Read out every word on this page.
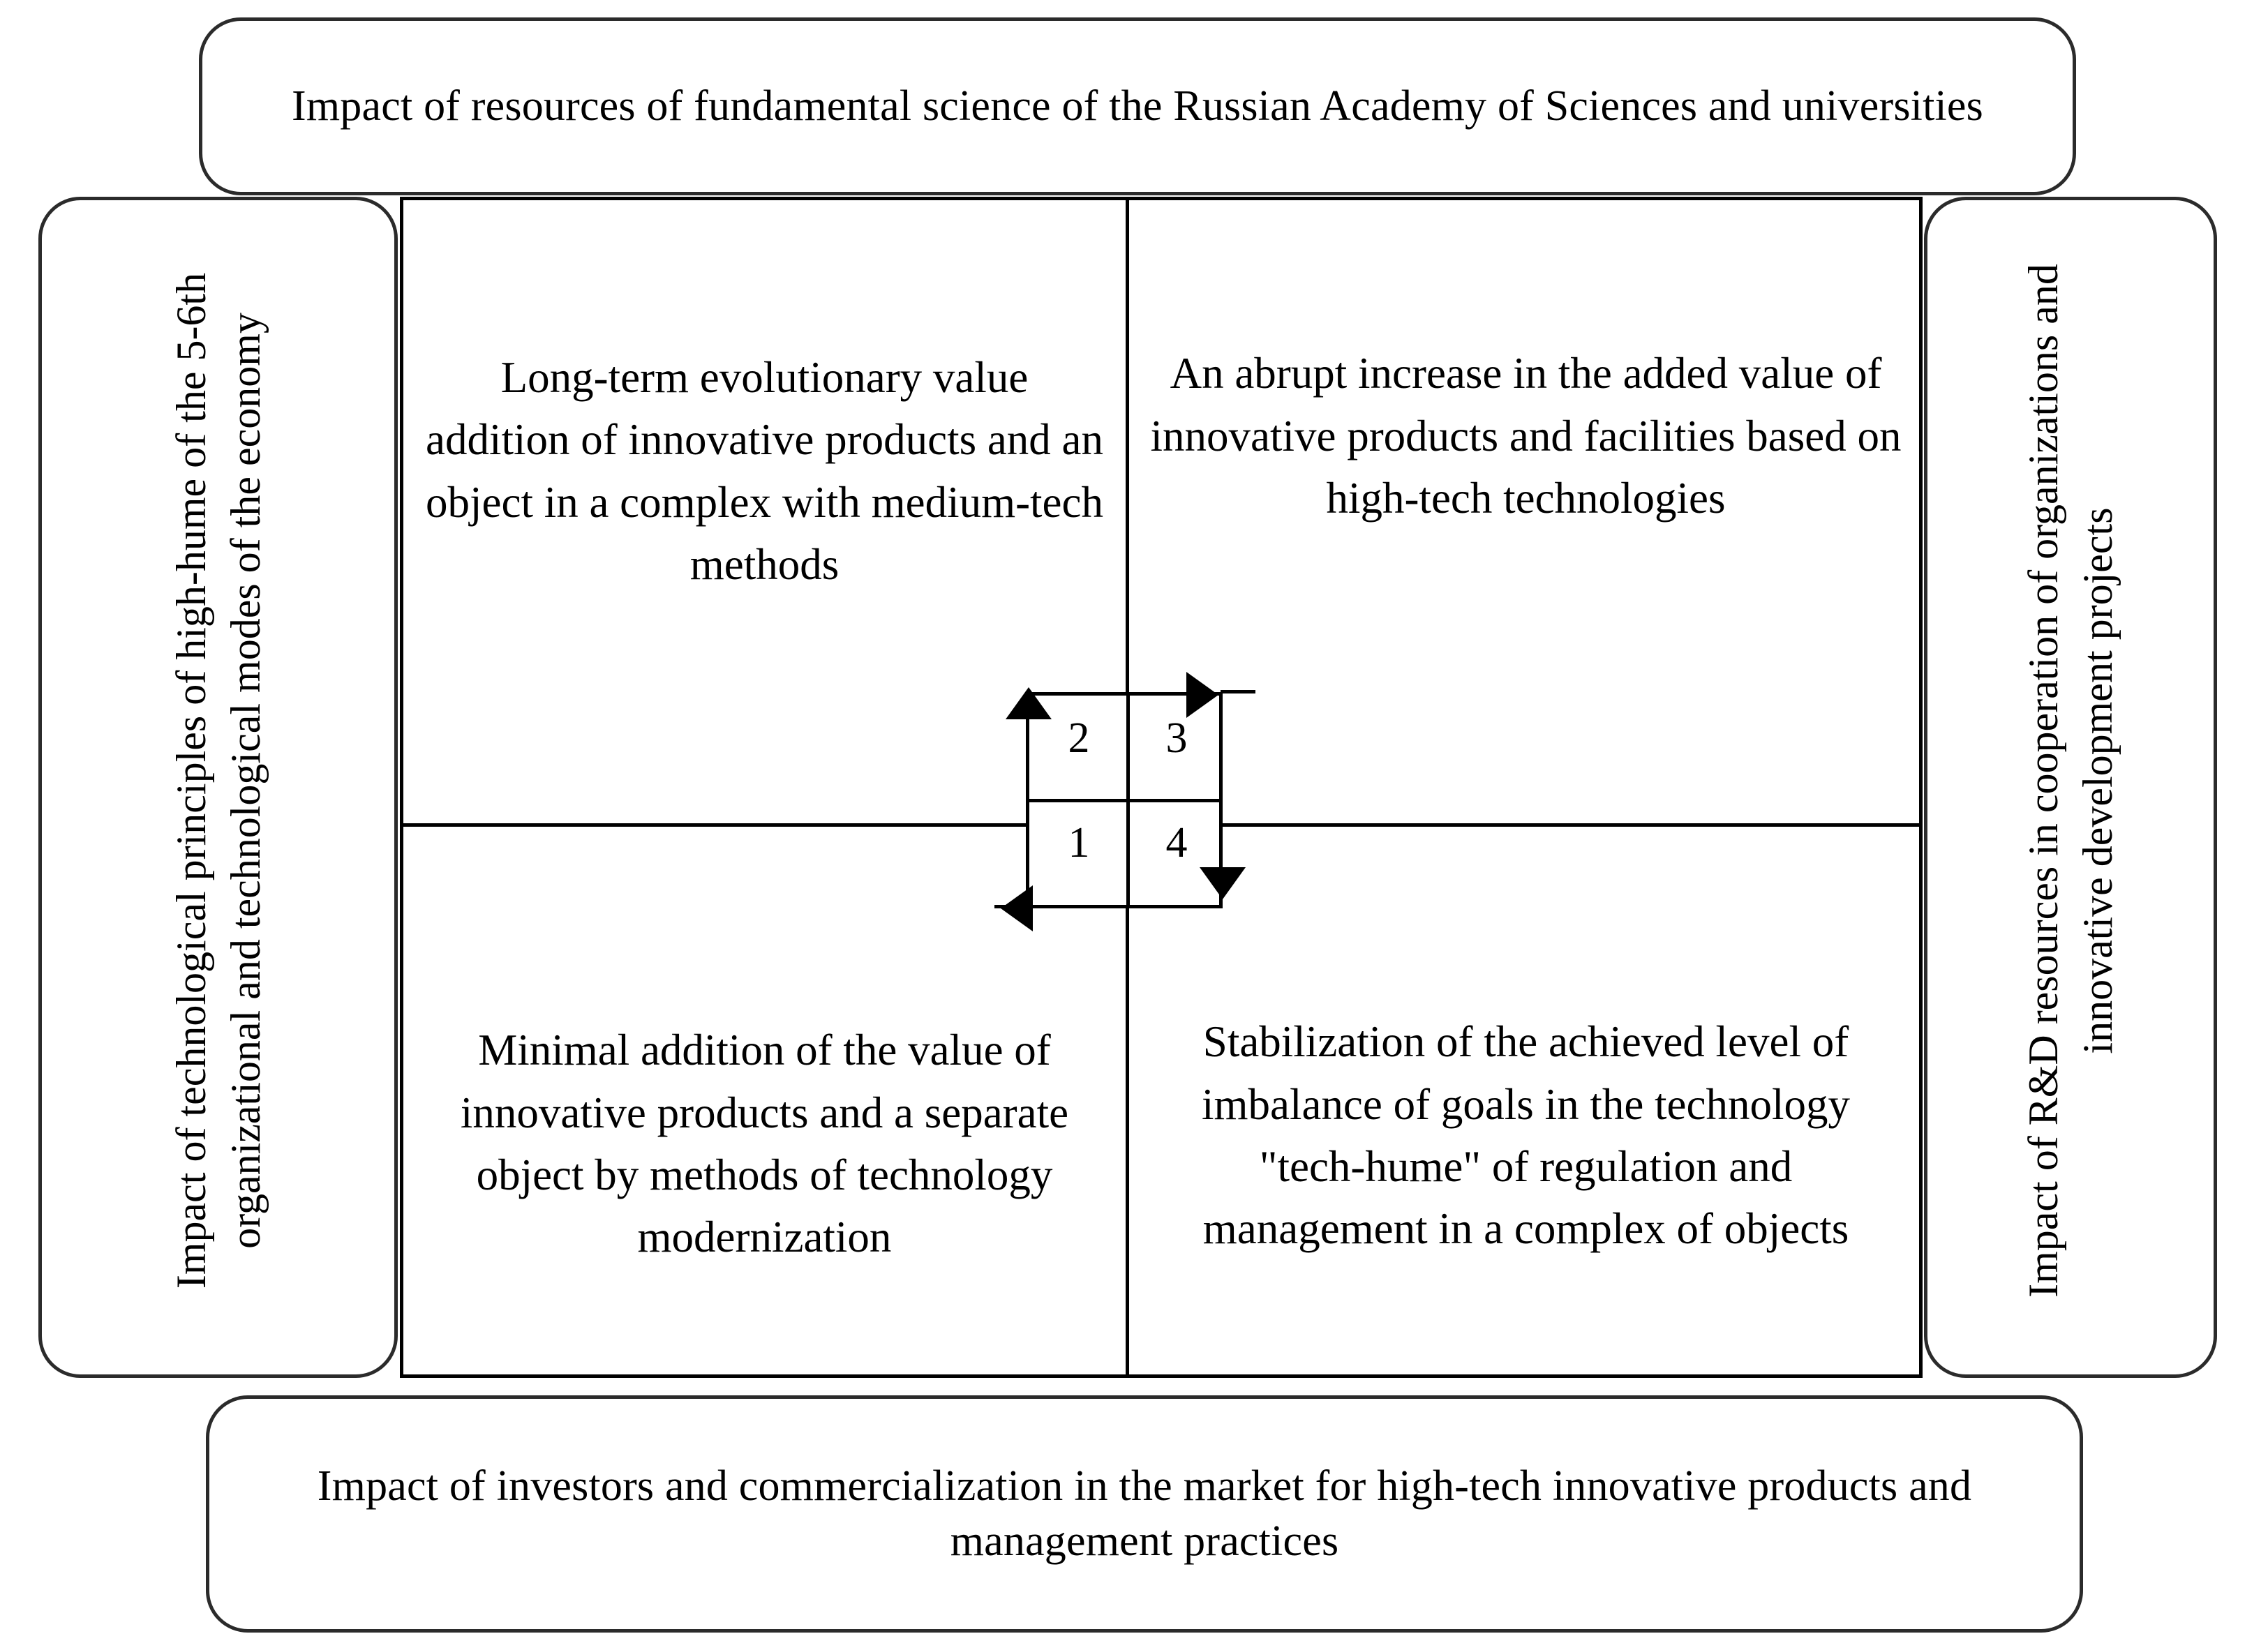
Impact of resources of fundamental science of the Russian Academy of Sciences and universities
Impact of technological principles of high-hume of the 5-6th organizational and technological modes of the economy	Impact of R&D resources in cooperation of organizations and innovative development projects
Long-term evolutionary value addition of innovative products and an object in a complex with medium-tech methods
An abrupt increase in the added value of innovative products and facilities based on high-tech technologies
Minimal addition of the value of innovative products and a separate object by methods of technology modernization
Stabilization of the achieved level of imbalance of goals in the technology "tech-hume" of regulation and management in a complex of objects
2	3
1	4
Impact of investors and commercialization in the market for high-tech innovative products and management practices
